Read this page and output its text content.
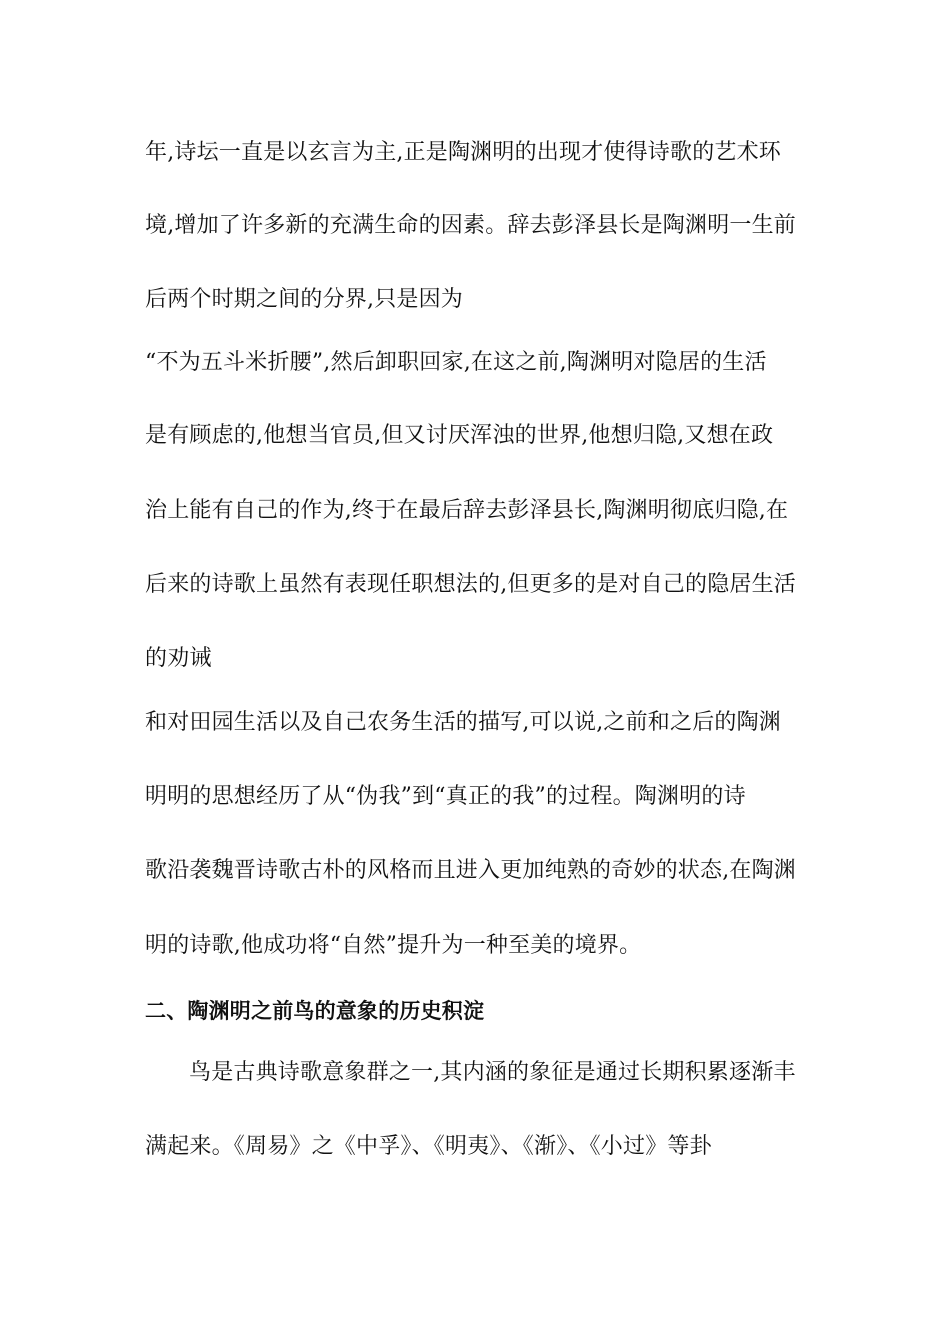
年,诗坛一直是以玄言为主,正是陶渊明的出现才使得诗歌的艺术环
境,增加了许多新的充满生命的因素。辞去彭泽县长是陶渊明一生前
后两个时期之间的分界,只是因为
“不为五斗米折腰”,然后卸职回家,在这之前,陶渊明对隐居的生活
是有顾虑的,他想当官员,但又讨厌浑浊的世界,他想归隐,又想在政
治上能有自己的作为,终于在最后辞去彭泽县长,陶渊明彻底归隐,在
后来的诗歌上虽然有表现任职想法的,但更多的是对自己的隐居生活
的劝诫
和对田园生活以及自己农务生活的描写,可以说,之前和之后的陶渊
明明的思想经历了从“伪我”到“真正的我”的过程。陶渊明的诗
歌沿袭魏晋诗歌古朴的风格而且进入更加纯熟的奇妙的状态,在陶渊
明的诗歌,他成功将“自然”提升为一种至美的境界。
二、陶渊明之前鸟的意象的历史积淀
鸟是古典诗歌意象群之一,其内涵的象征是通过长期积累逐渐丰
满起来。《周易》之《中孚》、《明夷》、《渐》、《小过》等卦
